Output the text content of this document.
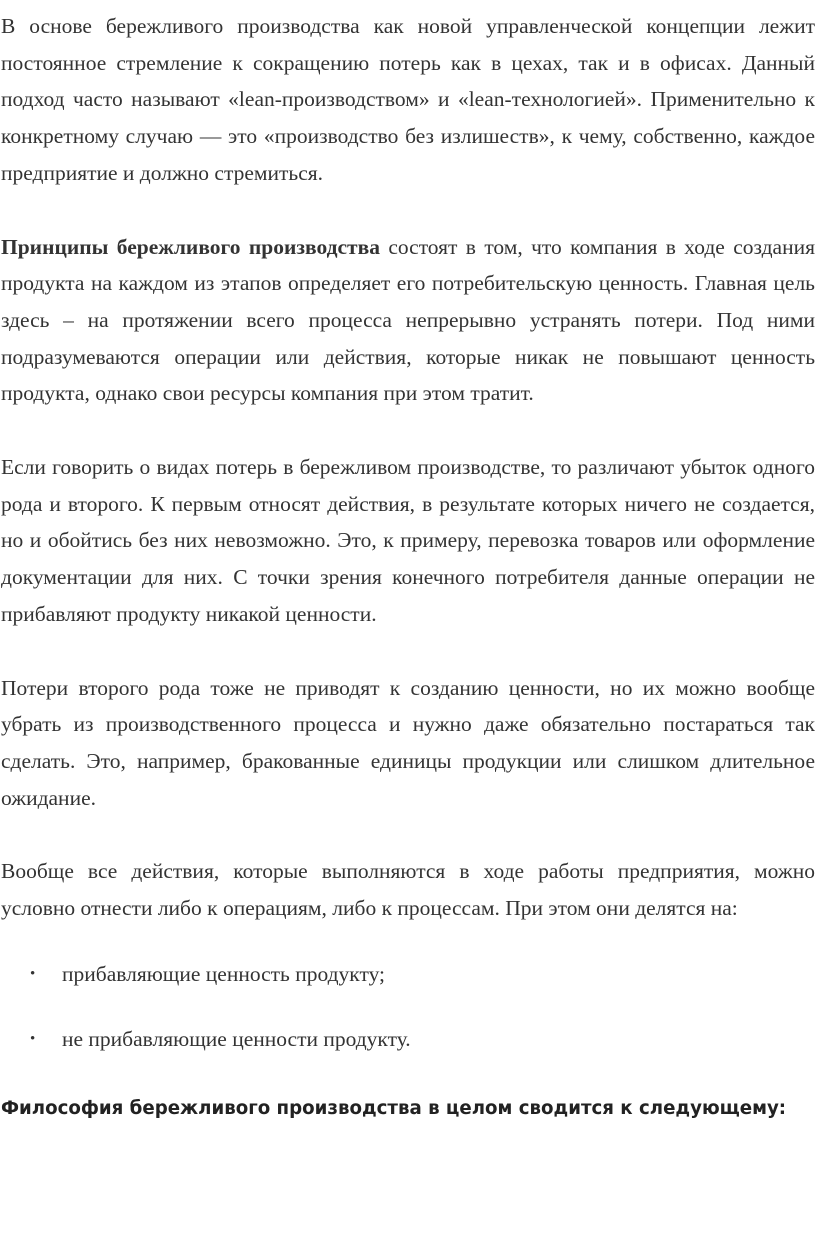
В основе бережливого производства как новой управленческой концепции лежит постоянное стремление к сокращению потерь как в цехах, так и в офисах. Данный подход часто называют «lean-производством» и «lean-технологией». Применительно к конкретному случаю — это «производство без излишеств», к чему, собственно, каждое предприятие и должно стремиться.

Принципы бережливого производства состоят в том, что компания в ходе создания продукта на каждом из этапов определяет его потребительскую ценность. Главная цель здесь – на протяжении всего процесса непрерывно устранять потери. Под ними подразумеваются операции или действия, которые никак не повышают ценность продукта, однако свои ресурсы компания при этом тратит.

Если говорить о видах потерь в бережливом производстве, то различают убыток одного рода и второго. К первым относят действия, в результате которых ничего не создается, но и обойтись без них невозможно. Это, к примеру, перевозка товаров или оформление документации для них. С точки зрения конечного потребителя данные операции не прибавляют продукту никакой ценности.

Потери второго рода тоже не приводят к созданию ценности, но их можно вообще убрать из производственного процесса и нужно даже обязательно постараться так сделать. Это, например, бракованные единицы продукции или слишком длительное ожидание.

Вообще все действия, которые выполняются в ходе работы предприятия, можно условно отнести либо к операциям, либо к процессам. При этом они делятся на:

• прибавляющие ценность продукту;
• не прибавляющие ценности продукту.
Философия бережливого производства в целом сводится к следующему:
